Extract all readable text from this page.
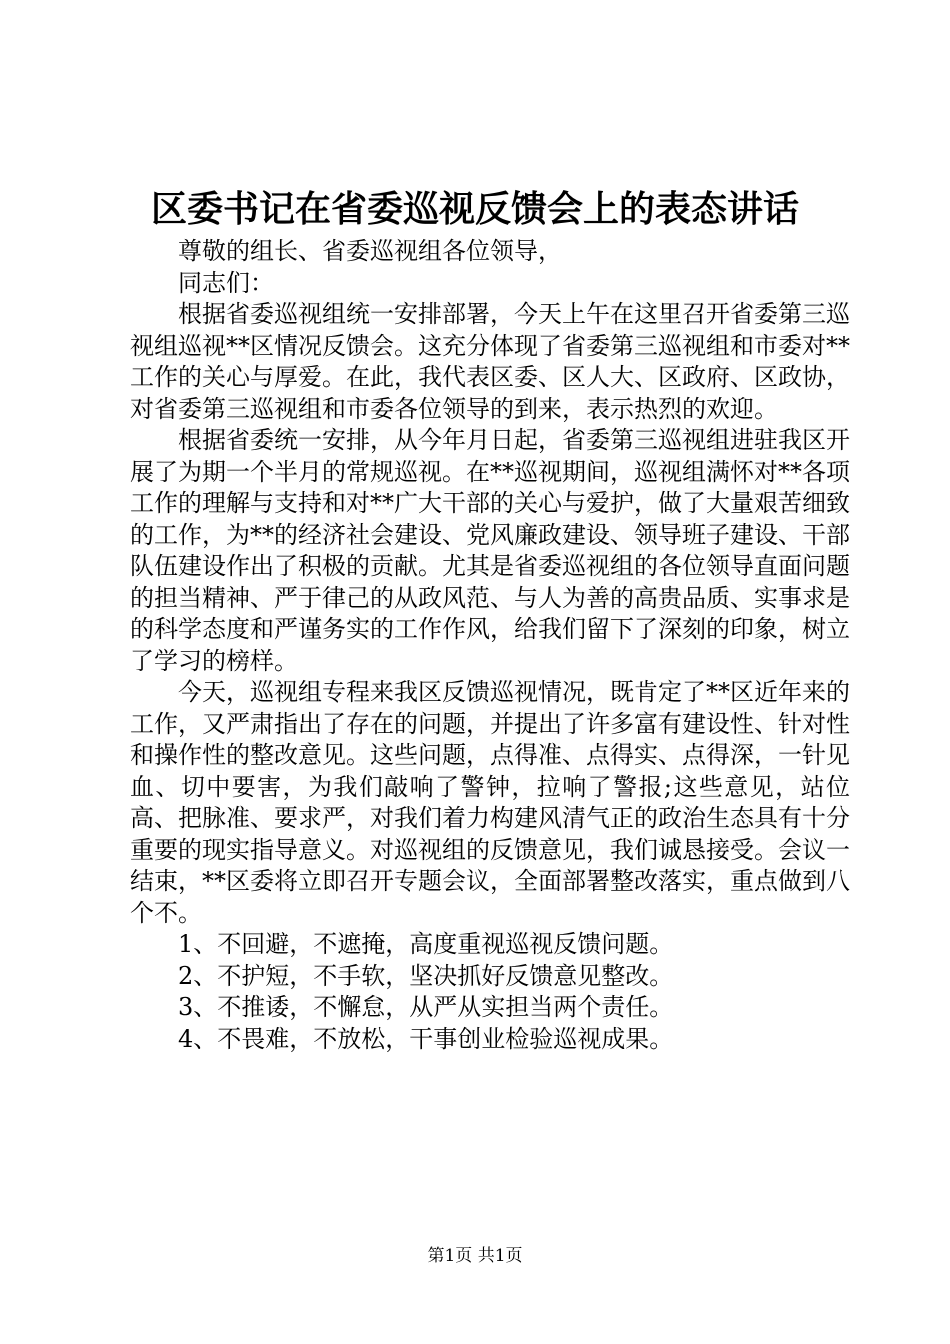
区委书记在省委巡视反馈会上的表态讲话

尊敬的组长、省委巡视组各位领导，

同志们：

根据省委巡视组统一安排部署，今天上午在这里召开省委第三巡视组巡视**区情况反馈会。这充分体现了省委第三巡视组和市委对**工作的关心与厚爱。在此，我代表区委、区人大、区政府、区政协，对省委第三巡视组和市委各位领导的到来，表示热烈的欢迎。

根据省委统一安排，从今年月日起，省委第三巡视组进驻我区开展了为期一个半月的常规巡视。在**巡视期间，巡视组满怀对**各项工作的理解与支持和对**广大干部的关心与爱护，做了大量艰苦细致的工作，为**的经济社会建设、党风廉政建设、领导班子建设、干部队伍建设作出了积极的贡献。尤其是省委巡视组的各位领导直面问题的担当精神、严于律己的从政风范、与人为善的高贵品质、实事求是的科学态度和严谨务实的工作作风，给我们留下了深刻的印象，树立了学习的榜样。

今天，巡视组专程来我区反馈巡视情况，既肯定了**区近年来的工作，又严肃指出了存在的问题，并提出了许多富有建设性、针对性和操作性的整改意见。这些问题，点得准、点得实、点得深，一针见血、切中要害，为我们敲响了警钟，拉响了警报;这些意见，站位高、把脉准、要求严，对我们着力构建风清气正的政治生态具有十分重要的现实指导意义。对巡视组的反馈意见，我们诚恳接受。会议一结束，**区委将立即召开专题会议，全面部署整改落实，重点做到八个不。

1、不回避，不遮掩，高度重视巡视反馈问题。

2、不护短，不手软，坚决抓好反馈意见整改。

3、不推诿，不懈怠，从严从实担当两个责任。

4、不畏难，不放松，干事创业检验巡视成果。

第1页 共1页
